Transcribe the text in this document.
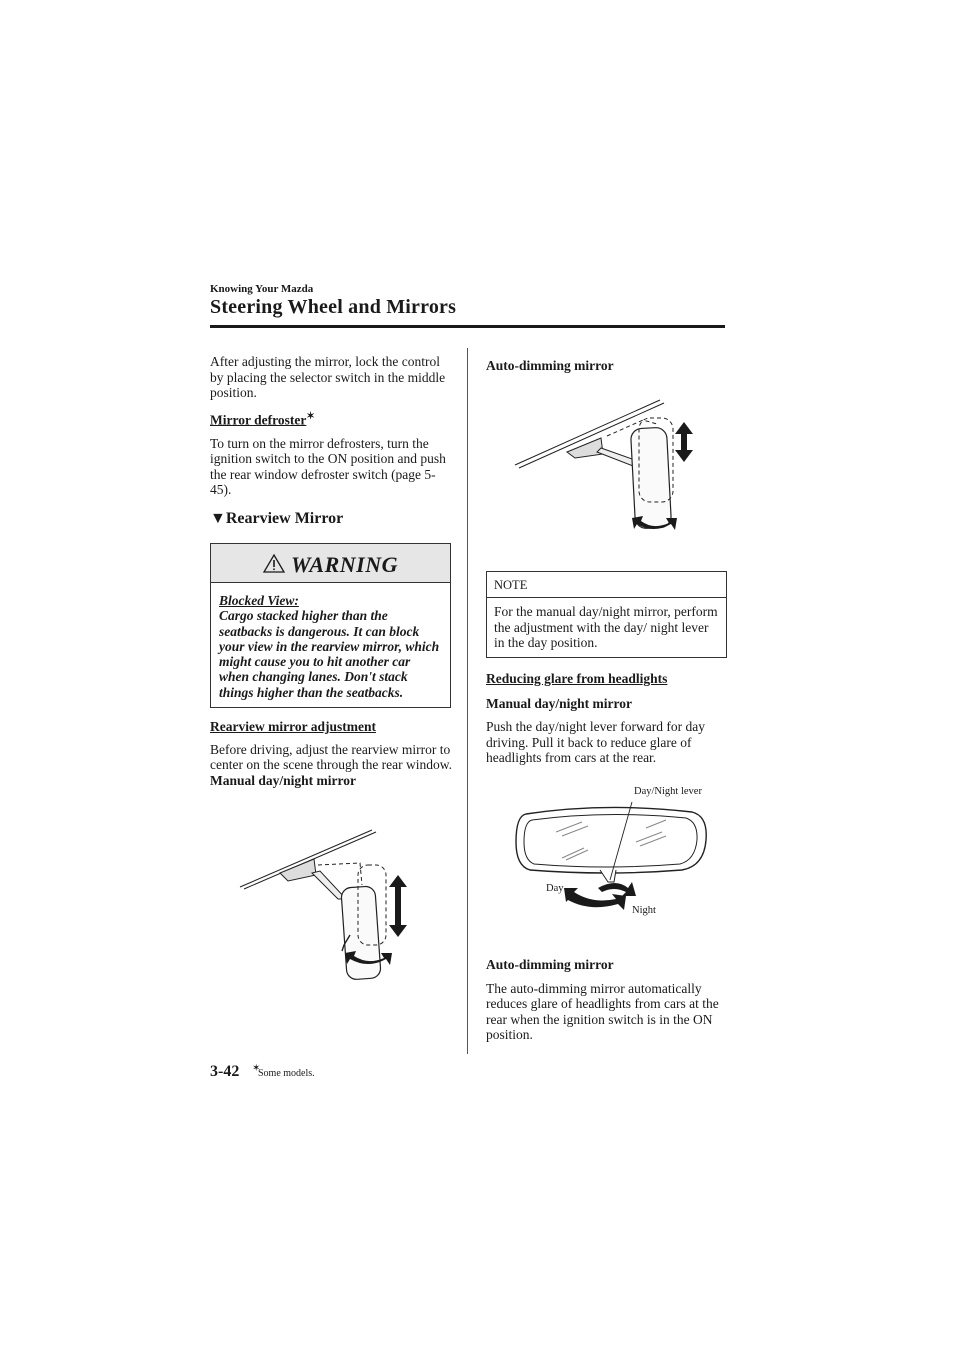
Knowing Your Mazda
Steering Wheel and Mirrors

After adjusting the mirror, lock the control by placing the selector switch in the middle position.

Mirror defroster✶

To turn on the mirror defrosters, turn the ignition switch to the ON position and push the rear window defroster switch (page 5-45).

▼Rearview Mirror
WARNING
Blocked View:
Cargo stacked higher than the seatbacks is dangerous. It can block your view in the rearview mirror, which might cause you to hit another car when changing lanes. Don't stack things higher than the seatbacks.

Rearview mirror adjustment

Before driving, adjust the rearview mirror to center on the scene through the rear window.

Manual day/night mirror

Auto-dimming mirror
NOTE
For the manual day/night mirror, perform the adjustment with the day/ night lever in the day position.

Reducing glare from headlights

Manual day/night mirror

Push the day/night lever forward for day driving. Pull it back to reduce glare of headlights from cars at the rear.

Day/Night lever
Day
Night

Auto-dimming mirror

The auto-dimming mirror automatically reduces glare of headlights from cars at the rear when the ignition switch is in the ON position.

3-42 ✶
Some models.
